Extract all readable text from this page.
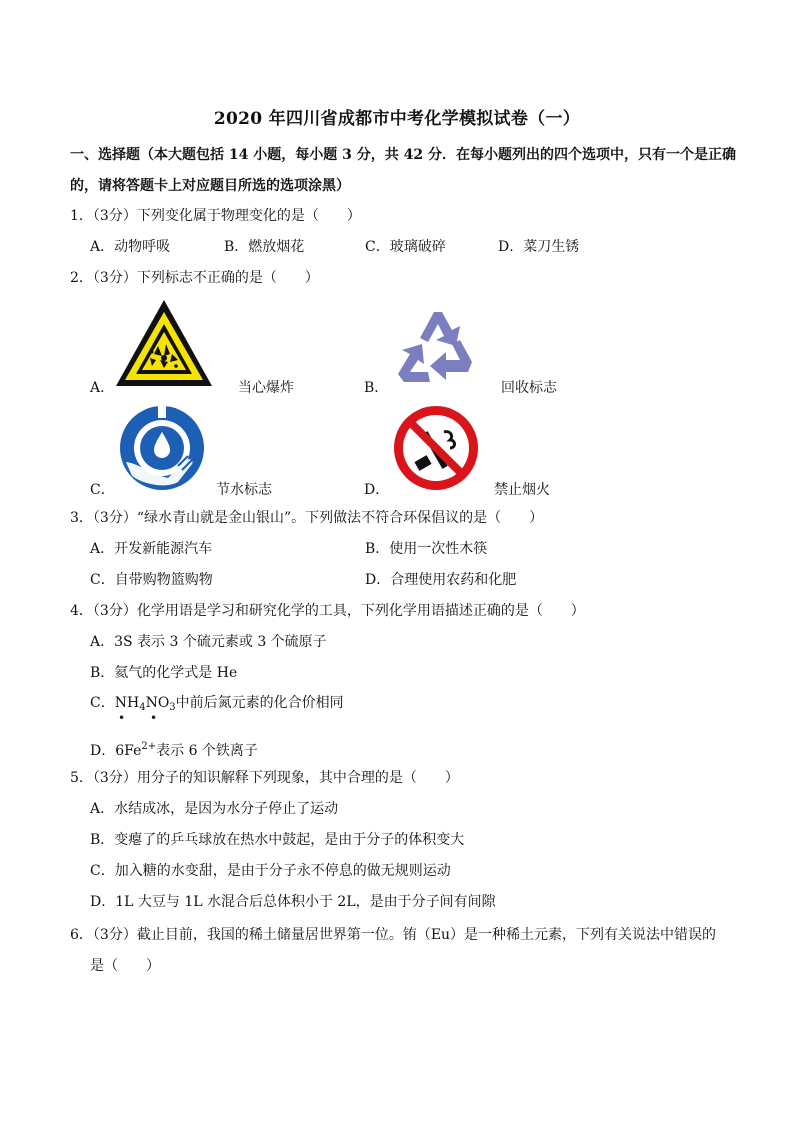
2020 年四川省成都市中考化学模拟试卷（一）
一、选择题（本大题包括 14 小题，每小题 3 分，共 42 分．在每小题列出的四个选项中，只有一个是正确
的，请将答题卡上对应题目所选的选项涂黑）
1．（3分）下列变化属于物理变化的是（　　）
A．动物呼吸	B．燃放烟花	C．玻璃破碎	D．菜刀生锈
2．（3分）下列标志不正确的是（　　）
A．	当心爆炸	B．	回收标志
C．	节水标志	D．	禁止烟火
3．（3分）“绿水青山就是金山银山”。下列做法不符合环保倡议的是（　　）
A．开发新能源汽车	B．使用一次性木筷
C．自带购物篮购物	D．合理使用农药和化肥
4．（3分）化学用语是学习和研究化学的工具，下列化学用语描述正确的是（　　）
A．3S 表示 3 个硫元素或 3 个硫原子
B．氦气的化学式是 He
C．$NH_4NO_3$中前后氮元素的化合价相同
• •
D．$6Fe^{2+}$表示 6 个铁离子
5．（3分）用分子的知识解释下列现象，其中合理的是（　　）
A．水结成冰，是因为水分子停止了运动
B．变瘪了的乒乓球放在热水中鼓起，是由于分子的体积变大
C．加入糖的水变甜，是由于分子永不停息的做无规则运动
D．1L 大豆与 1L 水混合后总体积小于 2L，是由于分子间有间隙
6．（3分）截止目前，我国的稀土储量居世界第一位。铕（Eu）是一种稀土元素，下列有关说法中错误的
是（　　）
